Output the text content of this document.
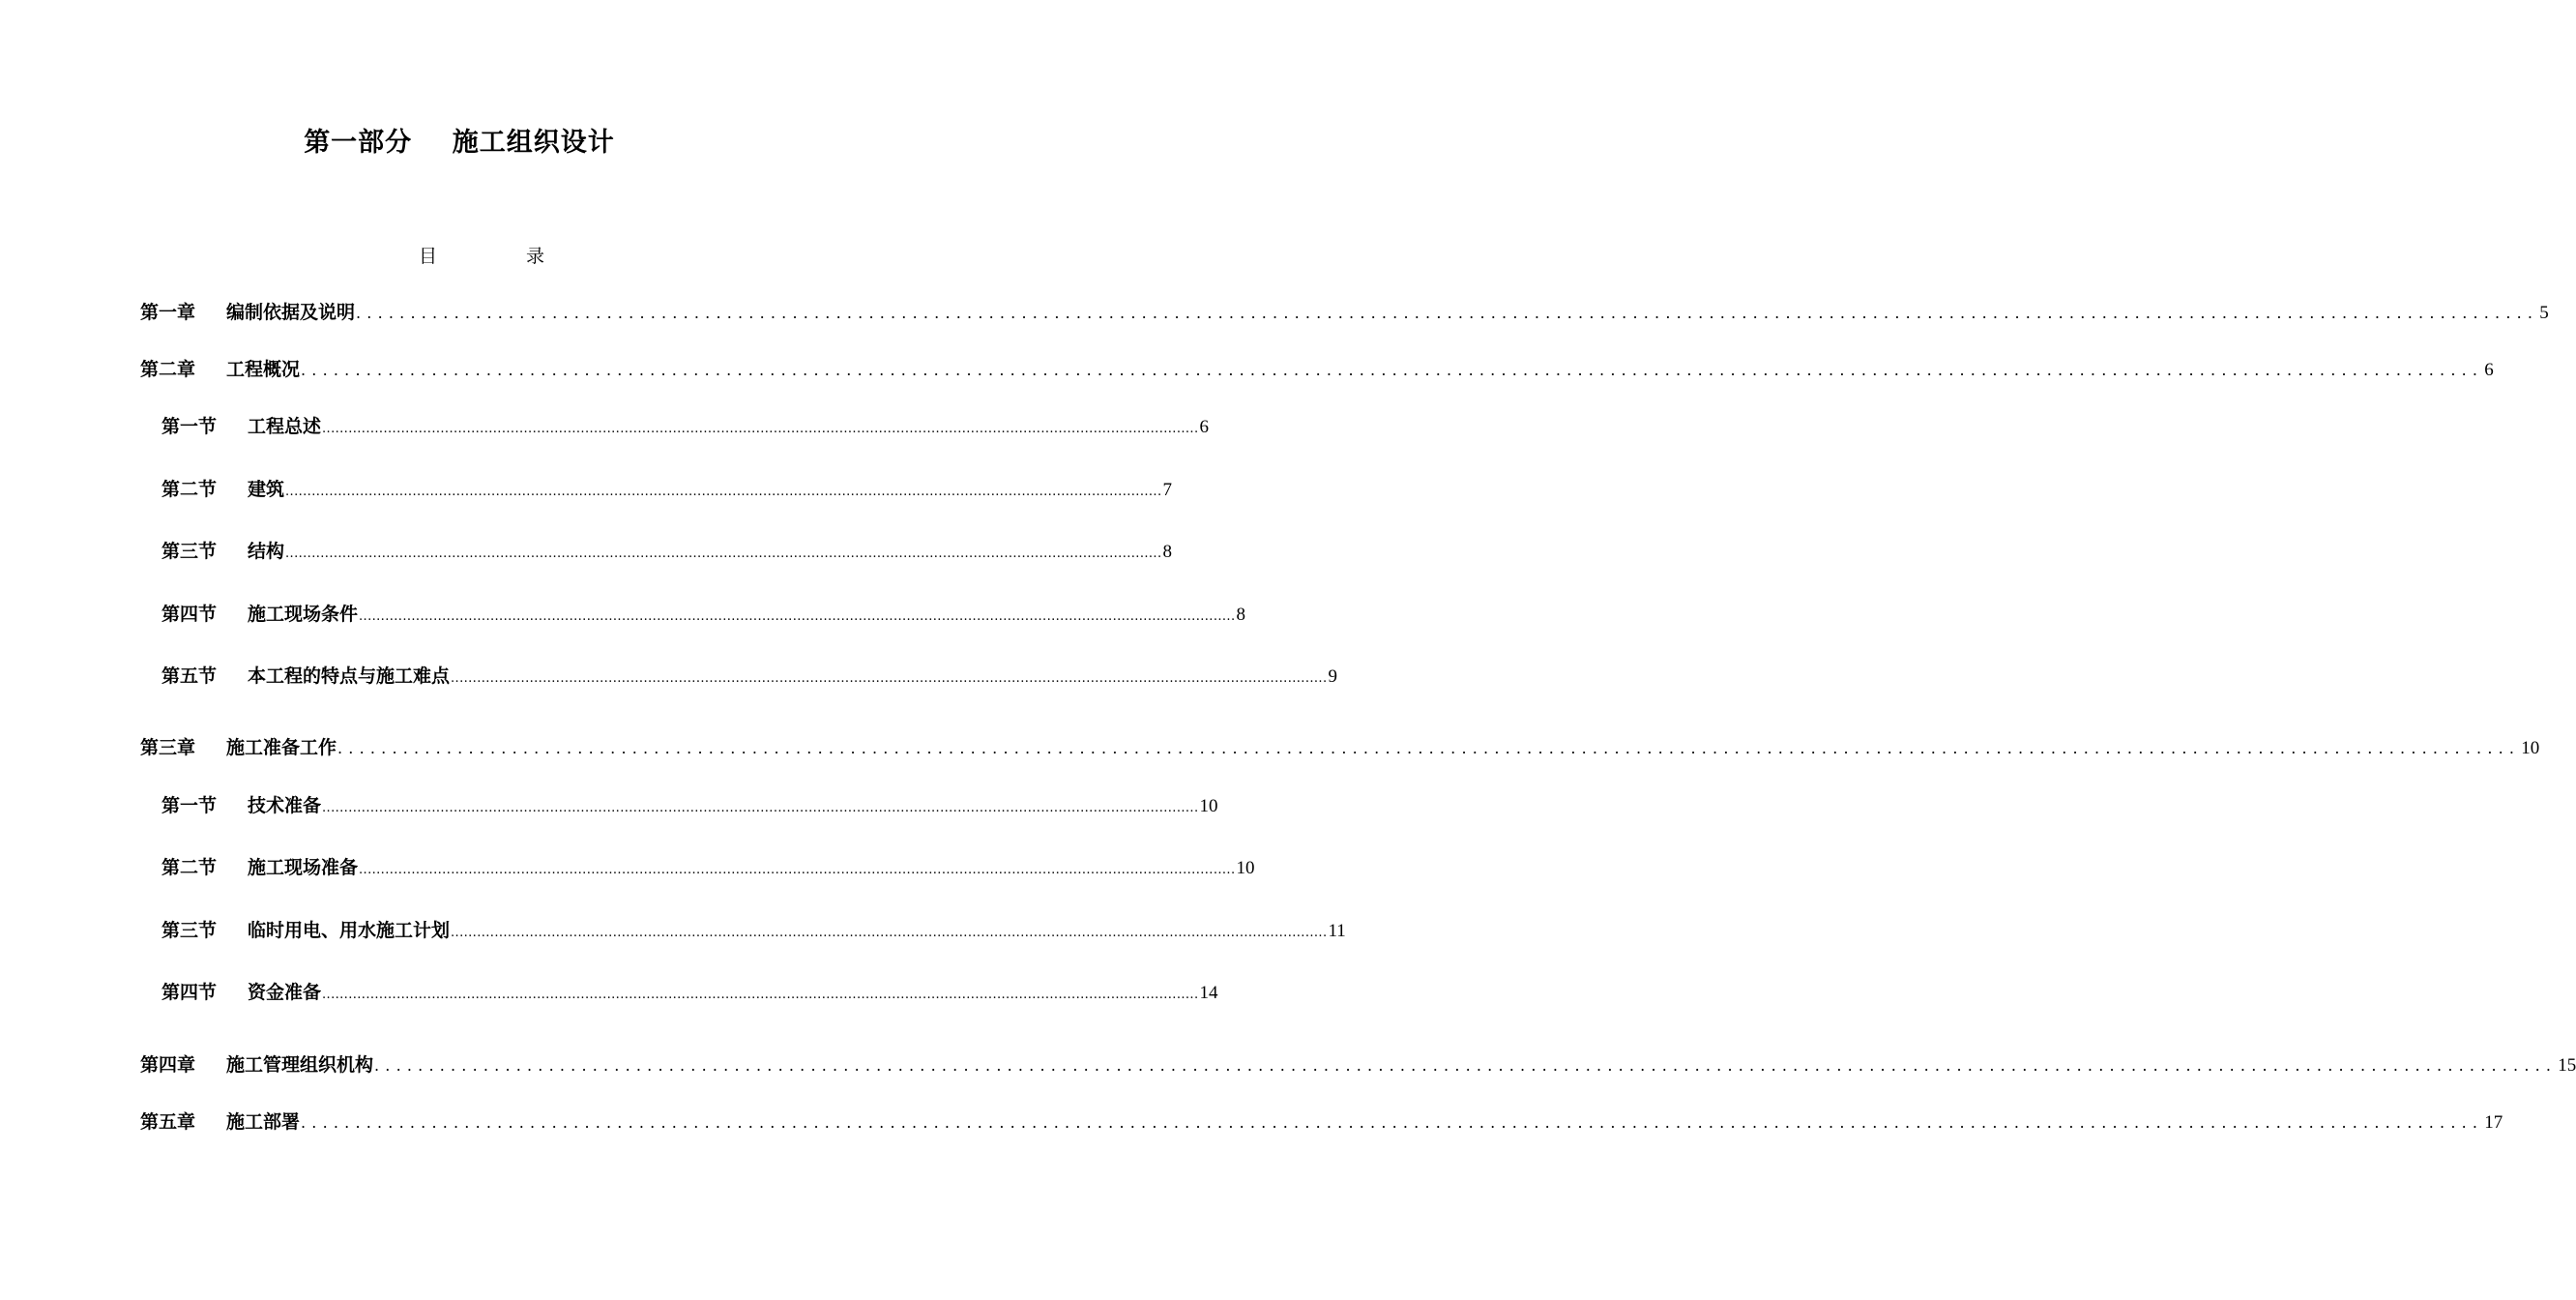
第一部分    施工组织设计
目	录
第一章 编制依据及说明 ........................................................................................................................................................................................................ 5
第二章 工程概况 ........................................................................................................................................................................................................ 6
第一节 工程总述 ........................................................................................................................................................................................................ 6
第二节 建筑 ........................................................................................................................................................................................................ 7
第三节 结构 ........................................................................................................................................................................................................ 8
第四节 施工现场条件 ........................................................................................................................................................................................................ 8
第五节 本工程的特点与施工难点 ........................................................................................................................................................................................................ 9
第三章 施工准备工作 ........................................................................................................................................................................................................ 10
第一节 技术准备 ........................................................................................................................................................................................................ 10
第二节 施工现场准备 ........................................................................................................................................................................................................ 10
第三节 临时用电、用水施工计划 ........................................................................................................................................................................................................ 11
第四节 资金准备 ........................................................................................................................................................................................................ 14
第四章 施工管理组织机构 ........................................................................................................................................................................................................ 15
第五章 施工部署 ........................................................................................................................................................................................................ 17
